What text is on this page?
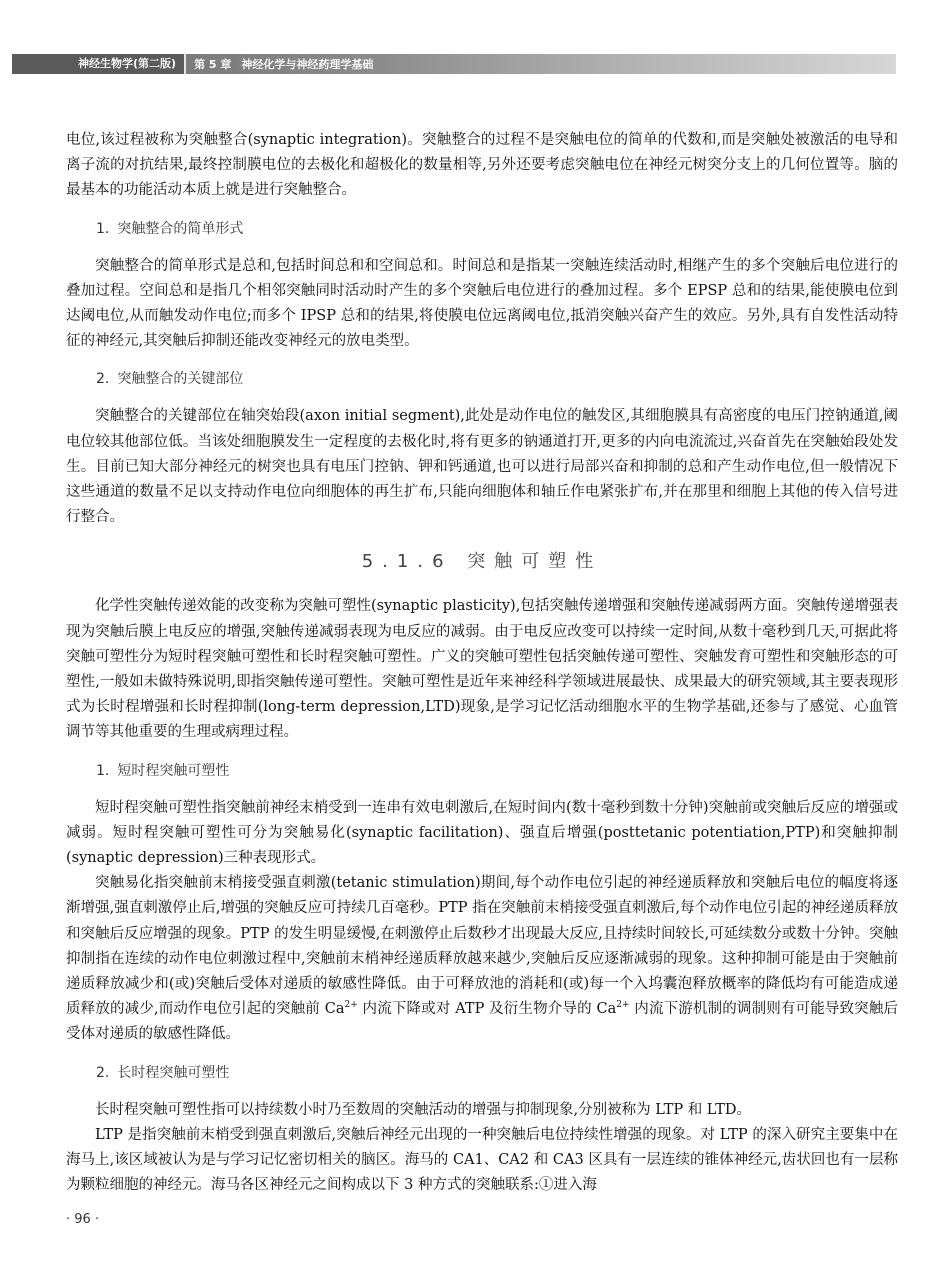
神经生物学(第二版)	第 5 章 神经化学与神经药理学基础

电位,该过程被称为突触整合(synaptic integration)。突触整合的过程不是突触电位的简单的代数和,而是突触处被激活的电导和离子流的对抗结果,最终控制膜电位的去极化和超极化的数量相等,另外还要考虑突触电位在神经元树突分支上的几何位置等。脑的最基本的功能活动本质上就是进行突触整合。

1. 突触整合的简单形式

突触整合的简单形式是总和,包括时间总和和空间总和。时间总和是指某一突触连续活动时,相继产生的多个突触后电位进行的叠加过程。空间总和是指几个相邻突触同时活动时产生的多个突触后电位进行的叠加过程。多个 EPSP 总和的结果,能使膜电位到达阈电位,从而触发动作电位;而多个 IPSP 总和的结果,将使膜电位远离阈电位,抵消突触兴奋产生的效应。另外,具有自发性活动特征的神经元,其突触后抑制还能改变神经元的放电类型。

2. 突触整合的关键部位

突触整合的关键部位在轴突始段(axon initial segment),此处是动作电位的触发区,其细胞膜具有高密度的电压门控钠通道,阈电位较其他部位低。当该处细胞膜发生一定程度的去极化时,将有更多的钠通道打开,更多的内向电流流过,兴奋首先在突触始段处发生。目前已知大部分神经元的树突也具有电压门控钠、钾和钙通道,也可以进行局部兴奋和抑制的总和产生动作电位,但一般情况下这些通道的数量不足以支持动作电位向细胞体的再生扩布,只能向细胞体和轴丘作电紧张扩布,并在那里和细胞上其他的传入信号进行整合。

5.1.6 突触可塑性

化学性突触传递效能的改变称为突触可塑性(synaptic plasticity),包括突触传递增强和突触传递减弱两方面。突触传递增强表现为突触后膜上电反应的增强,突触传递减弱表现为电反应的减弱。由于电反应改变可以持续一定时间,从数十毫秒到几天,可据此将突触可塑性分为短时程突触可塑性和长时程突触可塑性。广义的突触可塑性包括突触传递可塑性、突触发育可塑性和突触形态的可塑性,一般如未做特殊说明,即指突触传递可塑性。突触可塑性是近年来神经科学领域进展最快、成果最大的研究领域,其主要表现形式为长时程增强和长时程抑制(long-term depression,LTD)现象,是学习记忆活动细胞水平的生物学基础,还参与了感觉、心血管调节等其他重要的生理或病理过程。

1. 短时程突触可塑性

短时程突触可塑性指突触前神经末梢受到一连串有效电刺激后,在短时间内(数十毫秒到数十分钟)突触前或突触后反应的增强或减弱。短时程突触可塑性可分为突触易化(synaptic facilitation)、强直后增强(posttetanic potentiation,PTP)和突触抑制(synaptic depression)三种表现形式。

突触易化指突触前末梢接受强直刺激(tetanic stimulation)期间,每个动作电位引起的神经递质释放和突触后电位的幅度将逐渐增强,强直刺激停止后,增强的突触反应可持续几百毫秒。PTP 指在突触前末梢接受强直刺激后,每个动作电位引起的神经递质释放和突触后反应增强的现象。PTP 的发生明显缓慢,在刺激停止后数秒才出现最大反应,且持续时间较长,可延续数分或数十分钟。突触抑制指在连续的动作电位刺激过程中,突触前末梢神经递质释放越来越少,突触后反应逐渐减弱的现象。这种抑制可能是由于突触前递质释放减少和(或)突触后受体对递质的敏感性降低。由于可释放池的消耗和(或)每一个入坞囊泡释放概率的降低均有可能造成递质释放的减少,而动作电位引起的突触前 $Ca^{2+}$ 内流下降或对 ATP 及衍生物介导的 $Ca^{2+}$ 内流下游机制的调制则有可能导致突触后受体对递质的敏感性降低。

2. 长时程突触可塑性

长时程突触可塑性指可以持续数小时乃至数周的突触活动的增强与抑制现象,分别被称为 LTP 和 LTD。

LTP 是指突触前末梢受到强直刺激后,突触后神经元出现的一种突触后电位持续性增强的现象。对 LTP 的深入研究主要集中在海马上,该区域被认为是与学习记忆密切相关的脑区。海马的 CA1、CA2 和 CA3 区具有一层连续的锥体神经元,齿状回也有一层称为颗粒细胞的神经元。海马各区神经元之间构成以下 3 种方式的突触联系:①进入海

· 96 ·
